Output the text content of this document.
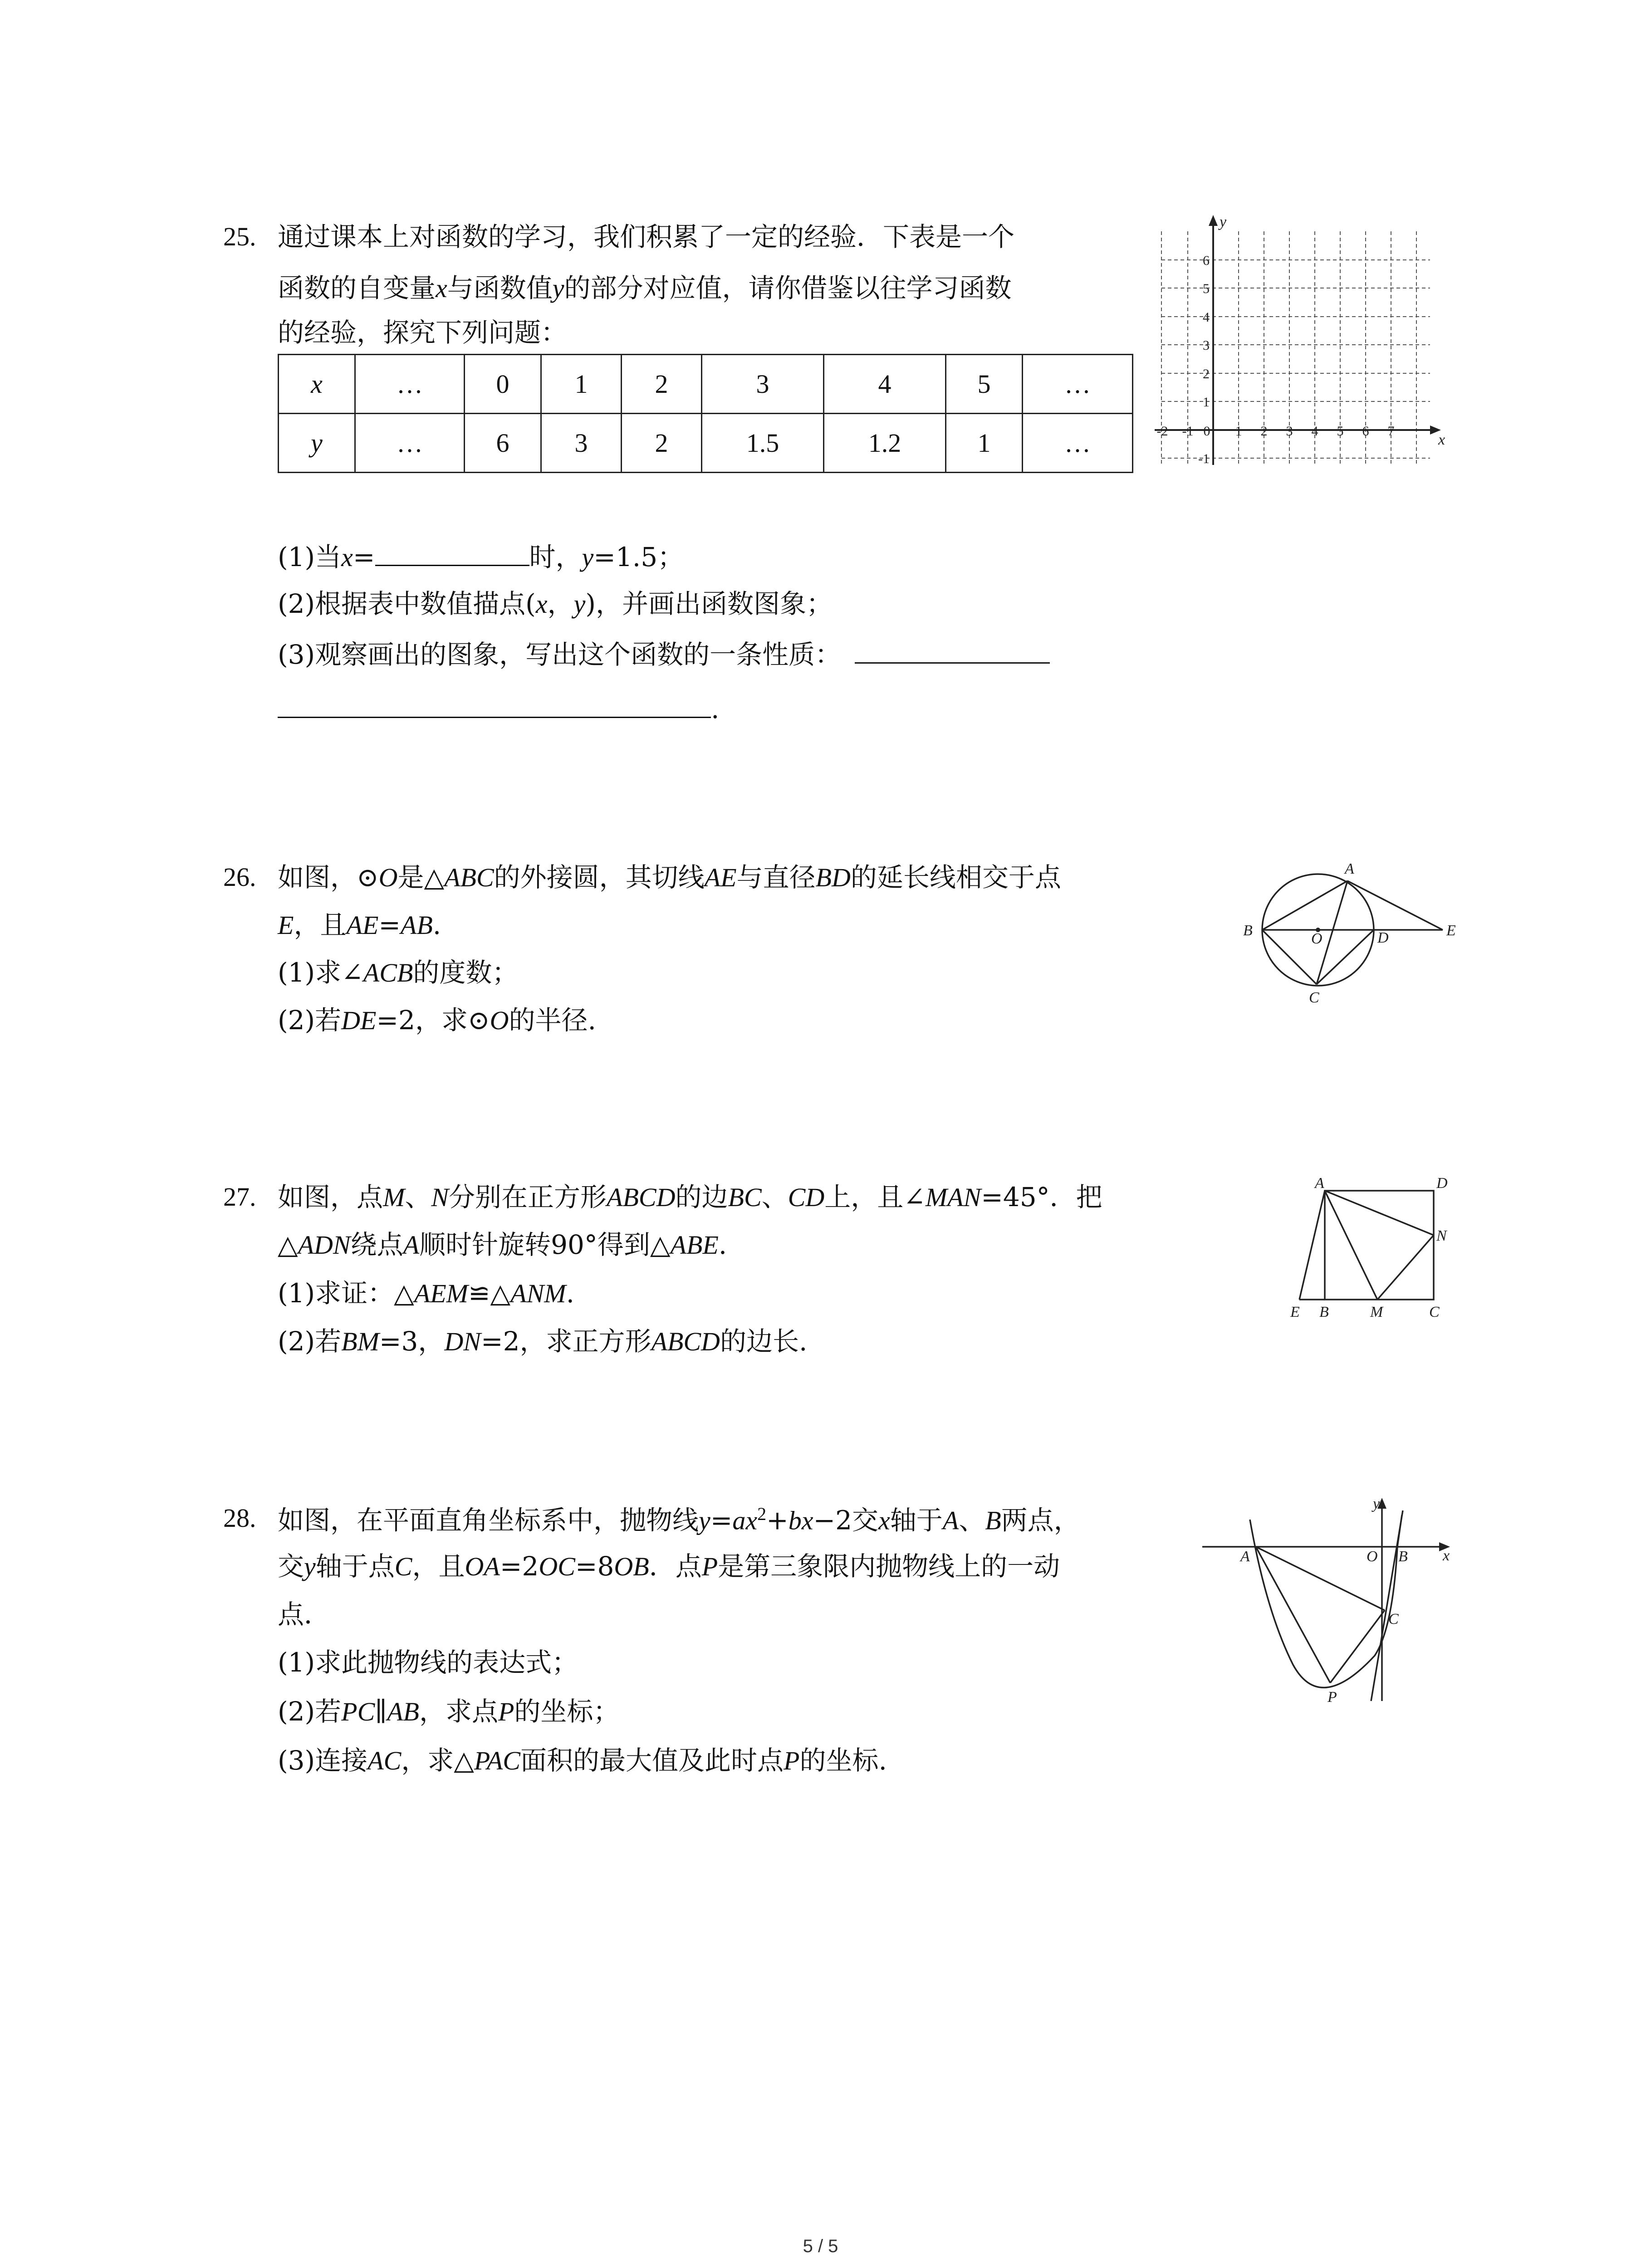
25. 通过课本上对函数的学习，我们积累了一定的经验．下表是一个
函数的自变量x与函数值y的部分对应值，请你借鉴以往学习函数
的经验，探究下列问题：
x	…	0	1	2	3	4	5	…
y	…	6	3	2	1.5	1.2	1	…
y
x
-2 -1 0 1 2 3 4 5 6 7
6
5
4
3
2
1
-1
(1)当x=	时，y=1.5；
(2)根据表中数值描点(x，y)，并画出函数图象；
(3)观察画出的图象，写出这个函数的一条性质：
.
26. 如图，⊙O是△ABC的外接圆，其切线AE与直径BD的延长线相交于点
E，且AE=AB.
(1)求∠ACB的度数；
(2)若DE=2，求⊙O的半径.
A
B
C
D	E
O
27. 如图，点M、N分别在正方形ABCD的边BC、CD上，且∠MAN=45°．把
△ADN绕点A顺时针旋转90°得到△ABE.
(1)求证：△AEM≌△ANM.
(2)若BM=3，DN=2，求正方形ABCD的边长.
A	D
N
E B	M	C
28. 如图，在平面直角坐标系中，抛物线$y=ax^2+bx-2$交x轴于A、B两点，
交y轴于点C，且OA=2OC=8OB．点P是第三象限内抛物线上的一动
点．
(1)求此抛物线的表达式；
(2)若PC∥AB，求点P的坐标；
(3)连接AC，求△PAC面积的最大值及此时点P的坐标.
y
x
A	O B
C
P
5 / 5
